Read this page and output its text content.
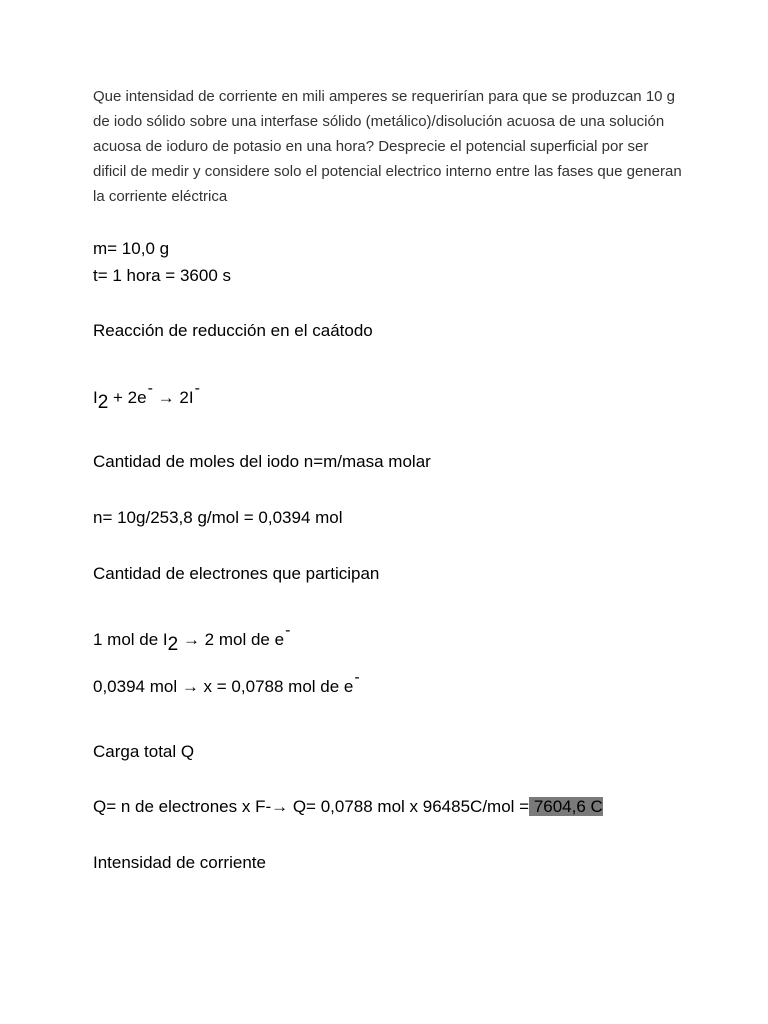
Que intensidad de corriente en mili amperes se requerirían para que se produzcan 10 g de iodo sólido sobre una interfase sólido (metálico)/disolución acuosa de una solución acuosa de ioduro de potasio en una hora? Desprecie el potencial superficial por ser dificil de medir y considere solo el potencial electrico interno entre las fases que generan la corriente eléctrica

m= 10,0 g

t= 1 hora = 3600 s

Reacción de reducción en el caátodo

I2 + 2e- → 2I-

Cantidad de moles del iodo n=m/masa molar

n= 10g/253,8 g/mol = 0,0394 mol

Cantidad de electrones que participan

1 mol de I2 → 2 mol de e-

0,0394 mol → x = 0,0788 mol de e-

Carga total Q

Q= n de electrones x F-→ Q= 0,0788 mol x 96485C/mol = 7604,6 C

Intensidad de corriente
